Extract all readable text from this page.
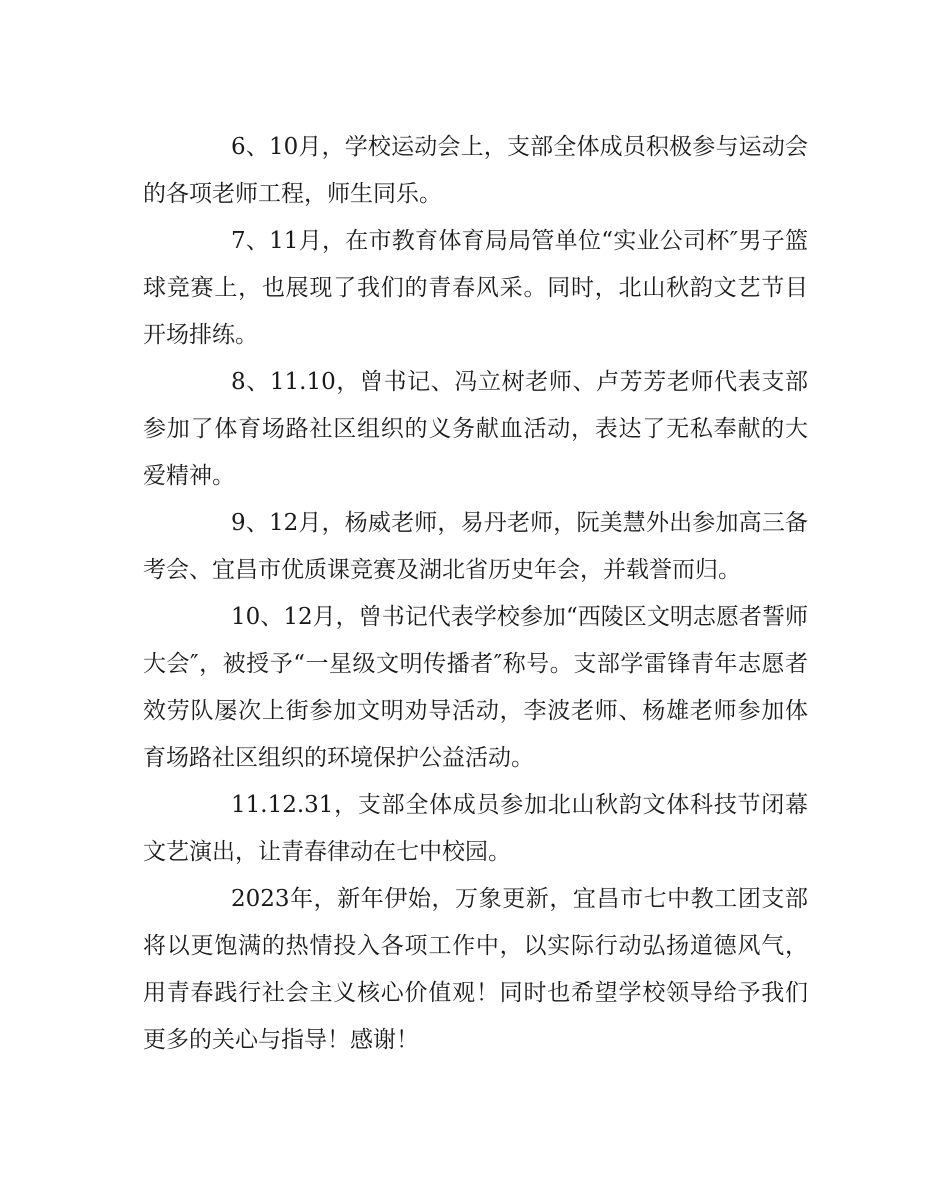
6、10月，学校运动会上，支部全体成员积极参与运动会的各项老师工程，师生同乐。

7、11月，在市教育体育局局管单位“实业公司杯″男子篮球竞赛上，也展现了我们的青春风采。同时，北山秋韵文艺节目开场排练。

8、11.10，曾书记、冯立树老师、卢芳芳老师代表支部参加了体育场路社区组织的义务献血活动，表达了无私奉献的大爱精神。

9、12月，杨威老师，易丹老师，阮美慧外出参加高三备考会、宜昌市优质课竞赛及湖北省历史年会，并载誉而归。

10、12月，曾书记代表学校参加“西陵区文明志愿者誓师大会″，被授予“一星级文明传播者″称号。支部学雷锋青年志愿者效劳队屡次上街参加文明劝导活动，李波老师、杨雄老师参加体育场路社区组织的环境保护公益活动。

11.12.31，支部全体成员参加北山秋韵文体科技节闭幕文艺演出，让青春律动在七中校园。

2023年，新年伊始，万象更新，宜昌市七中教工团支部将以更饱满的热情投入各项工作中，以实际行动弘扬道德风气，用青春践行社会主义核心价值观！同时也希望学校领导给予我们更多的关心与指导！感谢！
